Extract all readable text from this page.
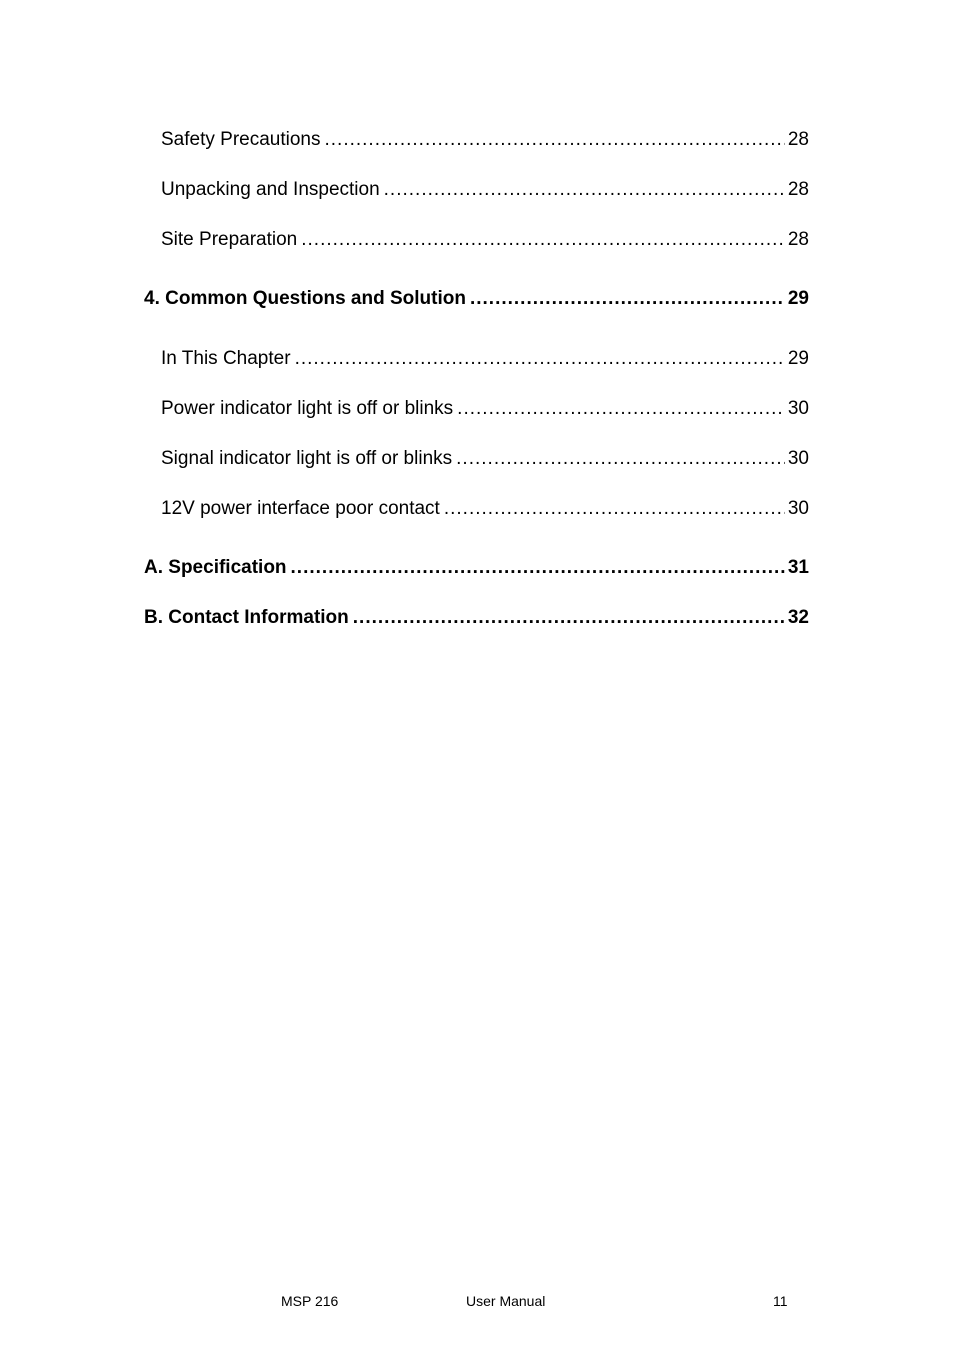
Safety Precautions .....	28
Unpacking and Inspection .....	28
Site Preparation .....	28
4. Common Questions and Solution .....	29
In This Chapter .....	29
Power indicator light is off or blinks .....	30
Signal indicator light is off or blinks .....	30
12V power interface poor contact .....	30
A. Specification .....	31
B. Contact Information .....	32
MSP 216	User Manual	11
